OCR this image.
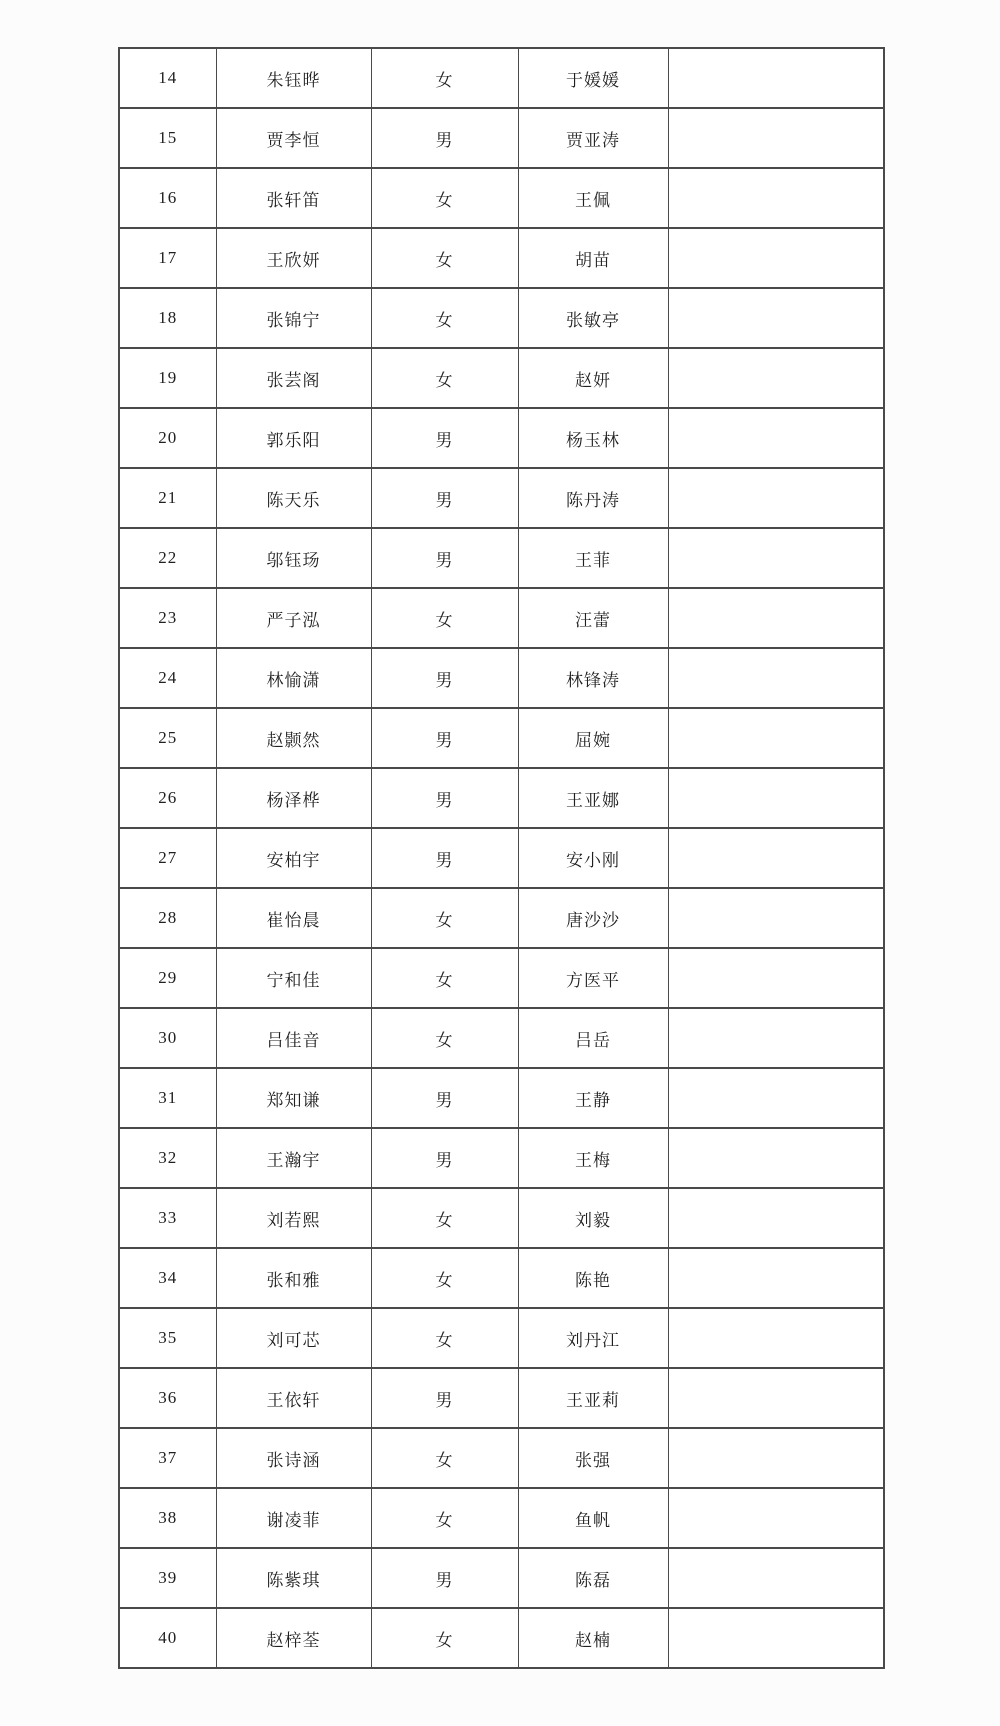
14	朱钰晔	女	于媛媛	
15	贾李恒	男	贾亚涛	
16	张轩笛	女	王佩	
17	王欣妍	女	胡苗	
18	张锦宁	女	张敏亭	
19	张芸阁	女	赵妍	
20	郭乐阳	男	杨玉林	
21	陈天乐	男	陈丹涛	
22	邬钰玚	男	王菲	
23	严子泓	女	汪蕾	
24	林愉潇	男	林锋涛	
25	赵颢然	男	屈婉	
26	杨泽桦	男	王亚娜	
27	安柏宇	男	安小刚	
28	崔怡晨	女	唐沙沙	
29	宁和佳	女	方医平	
30	吕佳音	女	吕岳	
31	郑知谦	男	王静	
32	王瀚宇	男	王梅	
33	刘若熙	女	刘毅	
34	张和雅	女	陈艳	
35	刘可芯	女	刘丹江	
36	王依轩	男	王亚莉	
37	张诗涵	女	张强	
38	谢凌菲	女	鱼帆	
39	陈紫琪	男	陈磊	
40	赵梓荃	女	赵楠	
